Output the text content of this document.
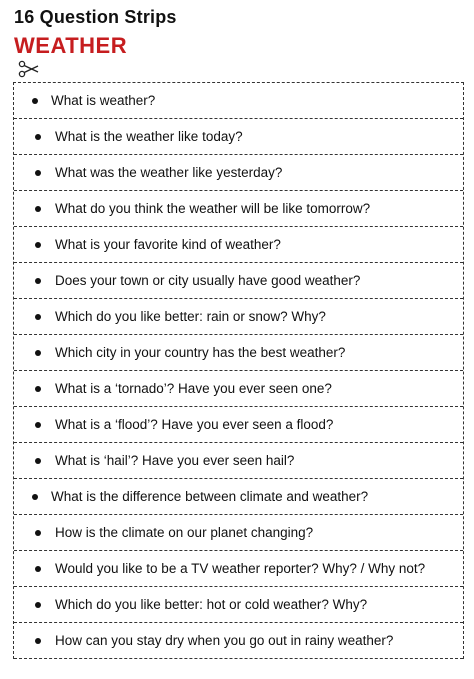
16 Question Strips
WEATHER
What is weather?
What is the weather like today?
What was the weather like yesterday?
What do you think the weather will be like tomorrow?
What is your favorite kind of weather?
Does your town or city usually have good weather?
Which do you like better: rain or snow? Why?
Which city in your country has the best weather?
What is a ‘tornado’? Have you ever seen one?
What is a ‘flood’? Have you ever seen a flood?
What is ‘hail’? Have you ever seen hail?
What is the difference between climate and weather?
How is the climate on our planet changing?
Would you like to be a TV weather reporter? Why? / Why not?
Which do you like better: hot or cold weather? Why?
How can you stay dry when you go out in rainy weather?
